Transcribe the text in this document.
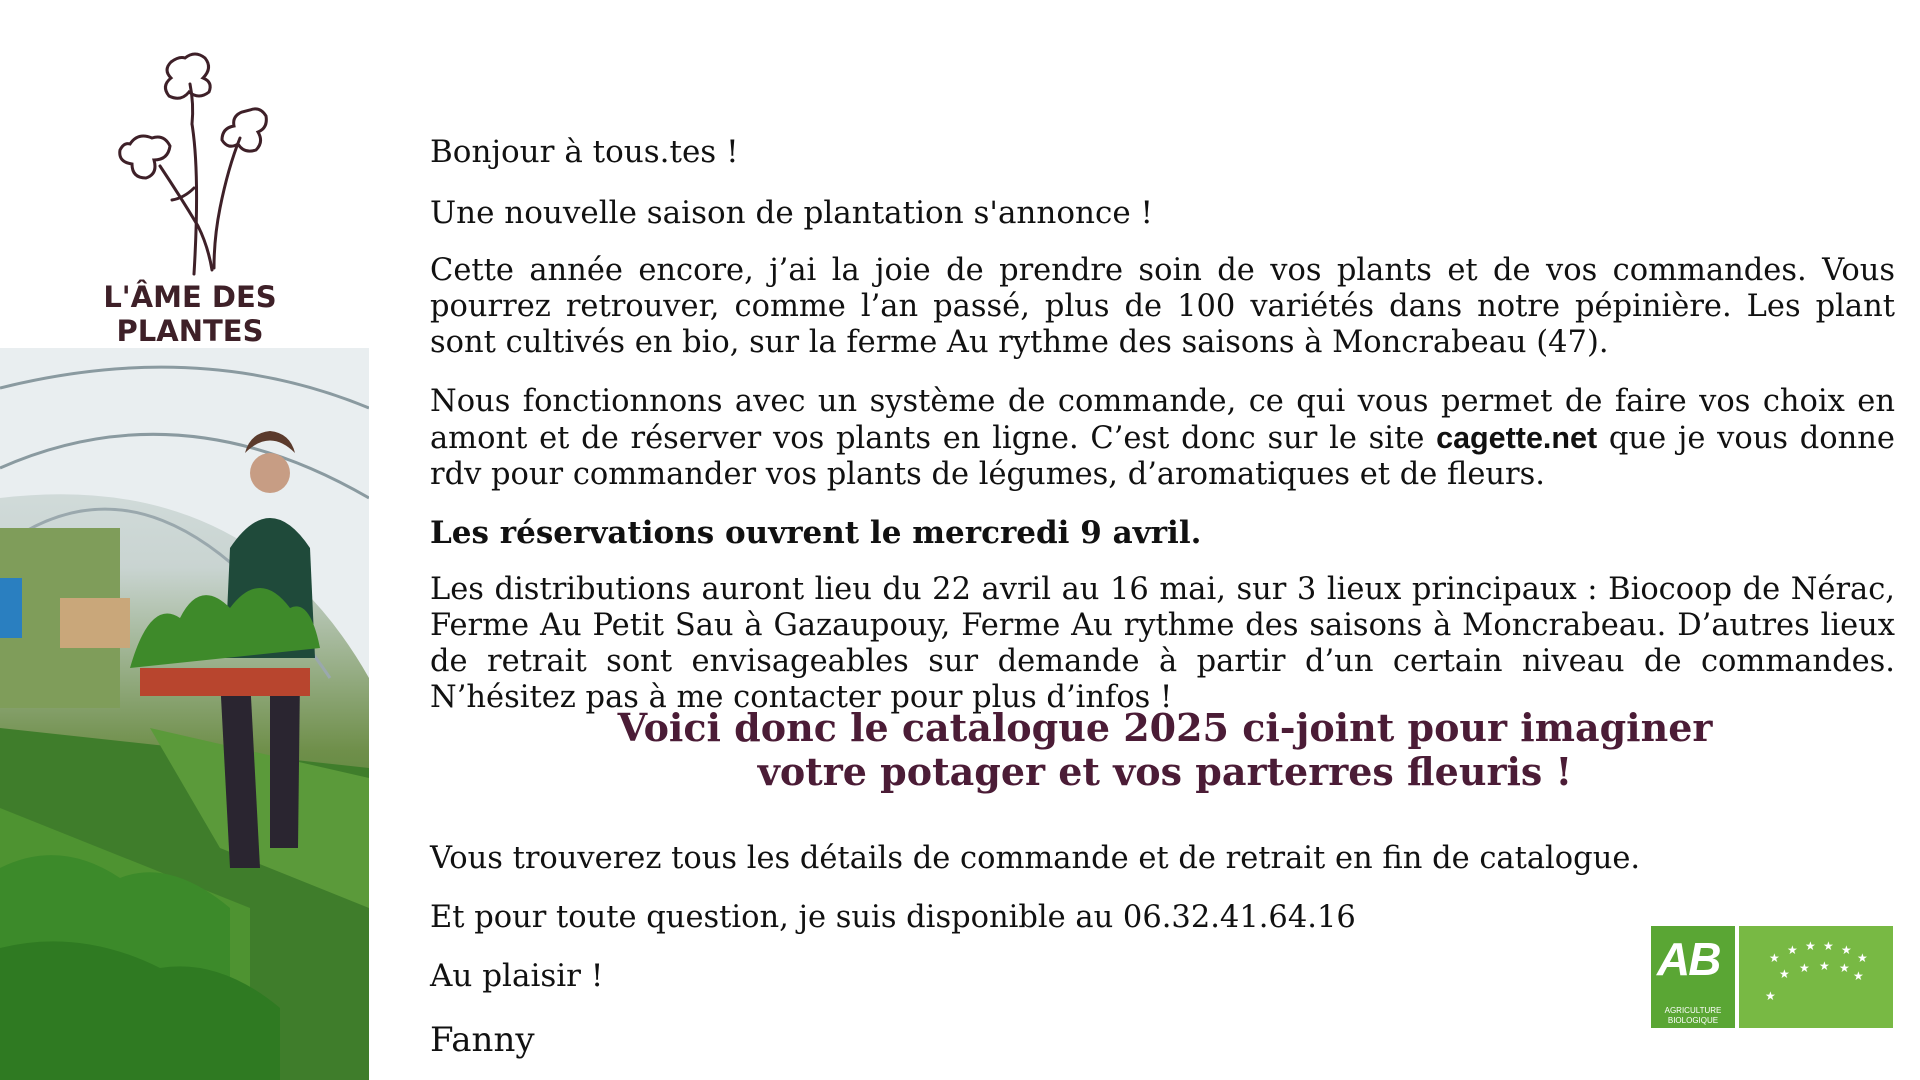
L'ÂME DES PLANTES

Bonjour à tous.tes !

Une nouvelle saison de plantation s'annonce !

Cette année encore, j’ai la joie de prendre soin de vos plants et de vos commandes. Vous pourrez retrouver, comme l’an passé, plus de 100 variétés dans notre pépinière. Les plant sont cultivés en bio, sur la ferme Au rythme des saisons à Moncrabeau (47).

Nous fonctionnons avec un système de commande, ce qui vous permet de faire vos choix en amont et de réserver vos plants en ligne. C’est donc sur le site cagette.net que je vous donne rdv pour commander vos plants de légumes, d’aromatiques et de fleurs.

Les réservations ouvrent le mercredi 9 avril.

Les distributions auront lieu du 22 avril au 16 mai, sur 3 lieux principaux : Biocoop de Nérac, Ferme Au Petit Sau à Gazaupouy, Ferme Au rythme des saisons à Moncrabeau. D’autres lieux de retrait sont envisageables sur demande à partir d’un certain niveau de commandes. N’hésitez pas à me contacter pour plus d’infos !

Voici donc le catalogue 2025 ci-joint pour imaginer
votre potager et vos parterres fleuris !

Vous trouverez tous les détails de commande et de retrait en fin de catalogue.

Et pour toute question, je suis disponible au 06.32.41.64.16

Au plaisir !

Fanny

AB
AGRICULTURE
BIOLOGIQUE
★
★ ★ ★ ★
★
★ ★ ★ ★
★
★
